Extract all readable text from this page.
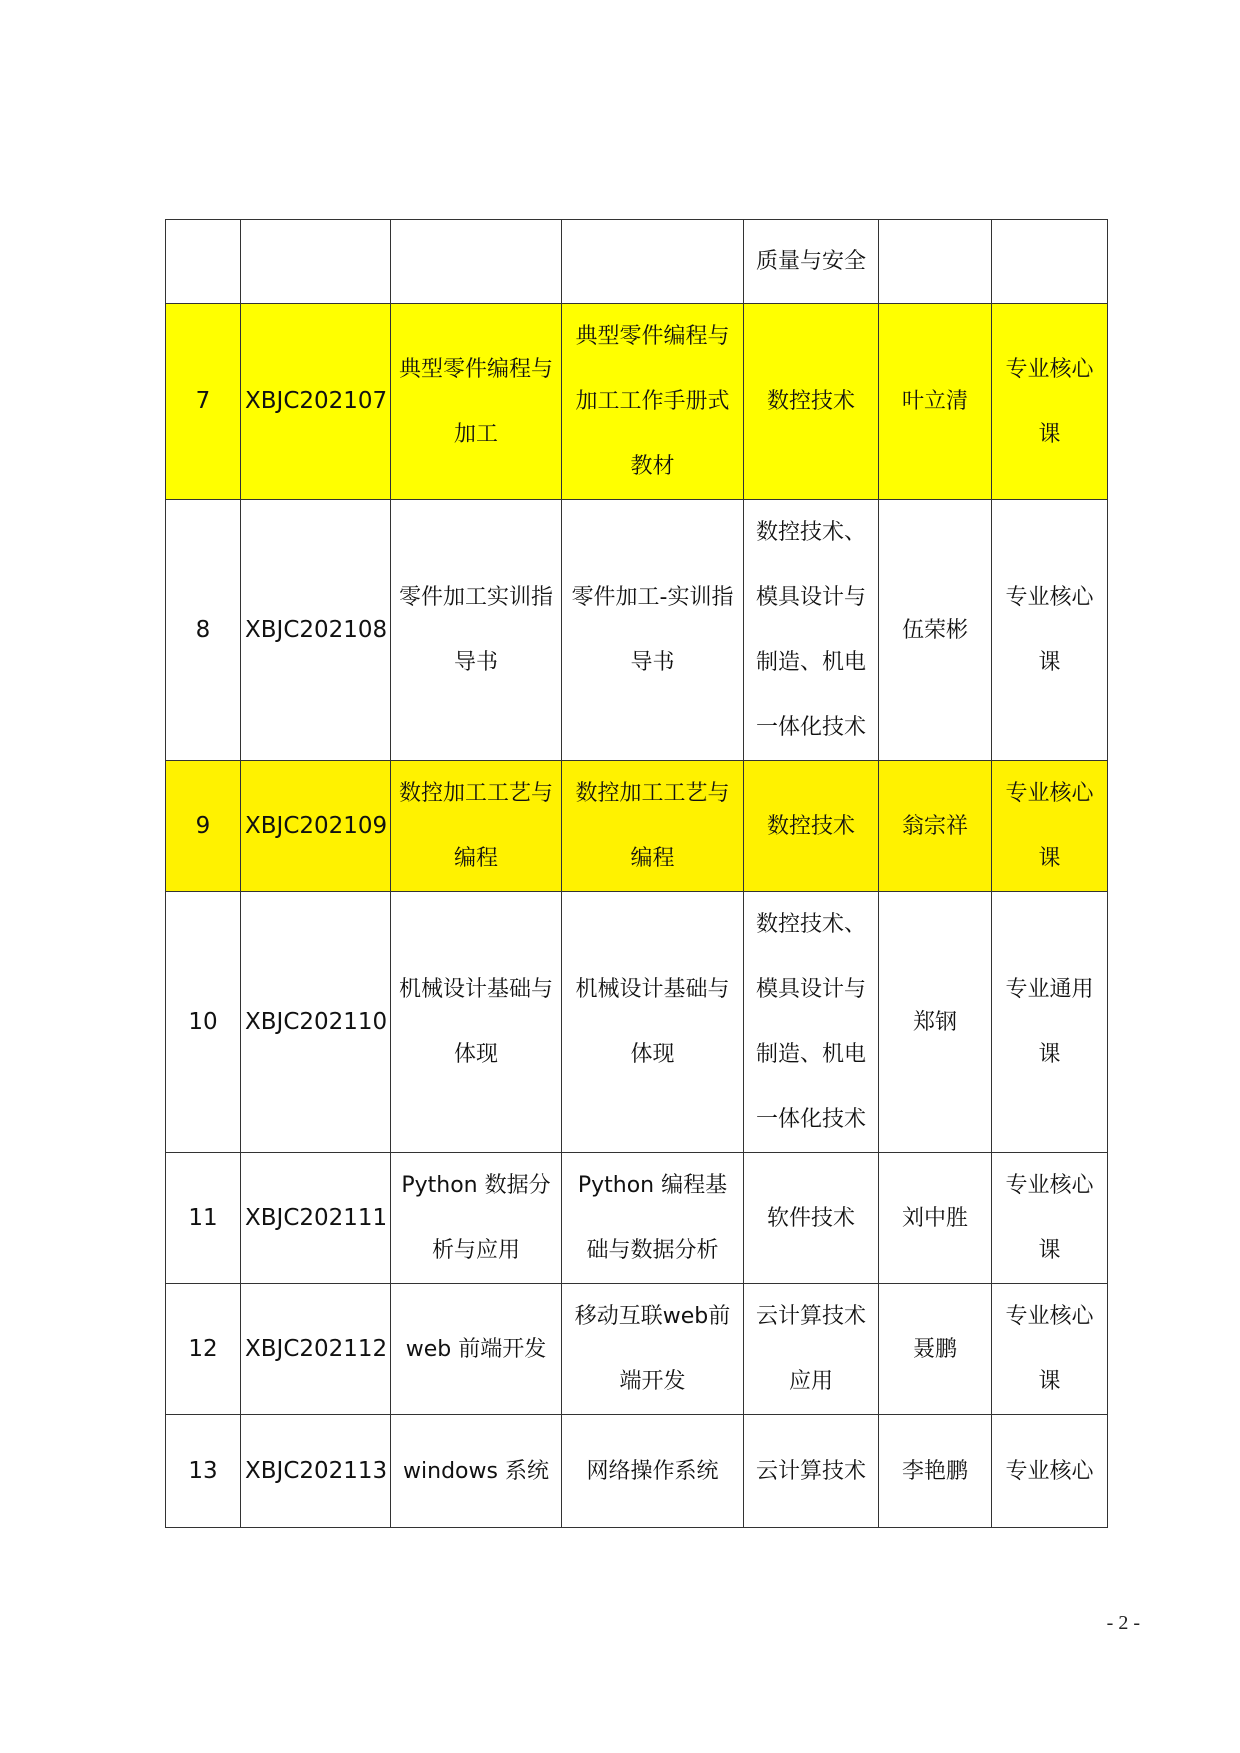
				质量与安全		
7	XBJC202107	典型零件编程与加工	典型零件编程与加工工作手册式教材	数控技术	叶立清	专业核心课
8	XBJC202108	零件加工实训指导书	零件加工-实训指导书	数控技术、模具设计与制造、机电一体化技术	伍荣彬	专业核心课
9	XBJC202109	数控加工工艺与编程	数控加工工艺与编程	数控技术	翁宗祥	专业核心课
10	XBJC202110	机械设计基础与体现	机械设计基础与体现	数控技术、模具设计与制造、机电一体化技术	郑钢	专业通用课
11	XBJC202111	Python 数据分析与应用	Python 编程基础与数据分析	软件技术	刘中胜	专业核心课
12	XBJC202112	web 前端开发	移动互联web前端开发	云计算技术应用	聂鹏	专业核心课
13	XBJC202113	windows 系统	网络操作系统	云计算技术	李艳鹏	专业核心
- 2 -
